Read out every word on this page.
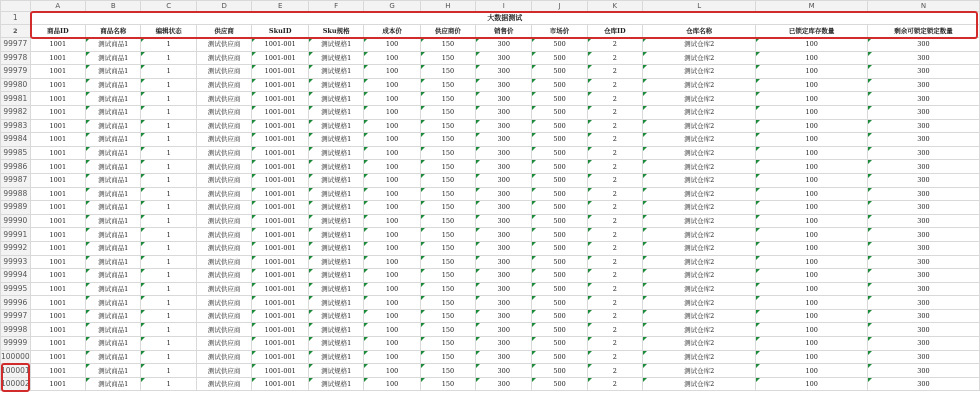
	A	B	C	D	E	F	G	H	I	J	K	L	M	N
1	大数据测试													
2	商品ID	商品名称	编辑状态	供应商	SkuID	Sku规格	成本价	供应商价	销售价	市场价	仓库ID	仓库名称	已锁定库存数量	剩余可锁定锁定数量
99977	1001	测试商品1	1	测试供应商	1001-001	测试规格1	100	150	300	500	2	测试仓库2	100	300
99978	1001	测试商品1	1	测试供应商	1001-001	测试规格1	100	150	300	500	2	测试仓库2	100	300
99979	1001	测试商品1	1	测试供应商	1001-001	测试规格1	100	150	300	500	2	测试仓库2	100	300
99980	1001	测试商品1	1	测试供应商	1001-001	测试规格1	100	150	300	500	2	测试仓库2	100	300
99981	1001	测试商品1	1	测试供应商	1001-001	测试规格1	100	150	300	500	2	测试仓库2	100	300
99982	1001	测试商品1	1	测试供应商	1001-001	测试规格1	100	150	300	500	2	测试仓库2	100	300
99983	1001	测试商品1	1	测试供应商	1001-001	测试规格1	100	150	300	500	2	测试仓库2	100	300
99984	1001	测试商品1	1	测试供应商	1001-001	测试规格1	100	150	300	500	2	测试仓库2	100	300
99985	1001	测试商品1	1	测试供应商	1001-001	测试规格1	100	150	300	500	2	测试仓库2	100	300
99986	1001	测试商品1	1	测试供应商	1001-001	测试规格1	100	150	300	500	2	测试仓库2	100	300
99987	1001	测试商品1	1	测试供应商	1001-001	测试规格1	100	150	300	500	2	测试仓库2	100	300
99988	1001	测试商品1	1	测试供应商	1001-001	测试规格1	100	150	300	500	2	测试仓库2	100	300
99989	1001	测试商品1	1	测试供应商	1001-001	测试规格1	100	150	300	500	2	测试仓库2	100	300
99990	1001	测试商品1	1	测试供应商	1001-001	测试规格1	100	150	300	500	2	测试仓库2	100	300
99991	1001	测试商品1	1	测试供应商	1001-001	测试规格1	100	150	300	500	2	测试仓库2	100	300
99992	1001	测试商品1	1	测试供应商	1001-001	测试规格1	100	150	300	500	2	测试仓库2	100	300
99993	1001	测试商品1	1	测试供应商	1001-001	测试规格1	100	150	300	500	2	测试仓库2	100	300
99994	1001	测试商品1	1	测试供应商	1001-001	测试规格1	100	150	300	500	2	测试仓库2	100	300
99995	1001	测试商品1	1	测试供应商	1001-001	测试规格1	100	150	300	500	2	测试仓库2	100	300
99996	1001	测试商品1	1	测试供应商	1001-001	测试规格1	100	150	300	500	2	测试仓库2	100	300
99997	1001	测试商品1	1	测试供应商	1001-001	测试规格1	100	150	300	500	2	测试仓库2	100	300
99998	1001	测试商品1	1	测试供应商	1001-001	测试规格1	100	150	300	500	2	测试仓库2	100	300
99999	1001	测试商品1	1	测试供应商	1001-001	测试规格1	100	150	300	500	2	测试仓库2	100	300
100000	1001	测试商品1	1	测试供应商	1001-001	测试规格1	100	150	300	500	2	测试仓库2	100	300
100001	1001	测试商品1	1	测试供应商	1001-001	测试规格1	100	150	300	500	2	测试仓库2	100	300
100002	1001	测试商品1	1	测试供应商	1001-001	测试规格1	100	150	300	500	2	测试仓库2	100	300
